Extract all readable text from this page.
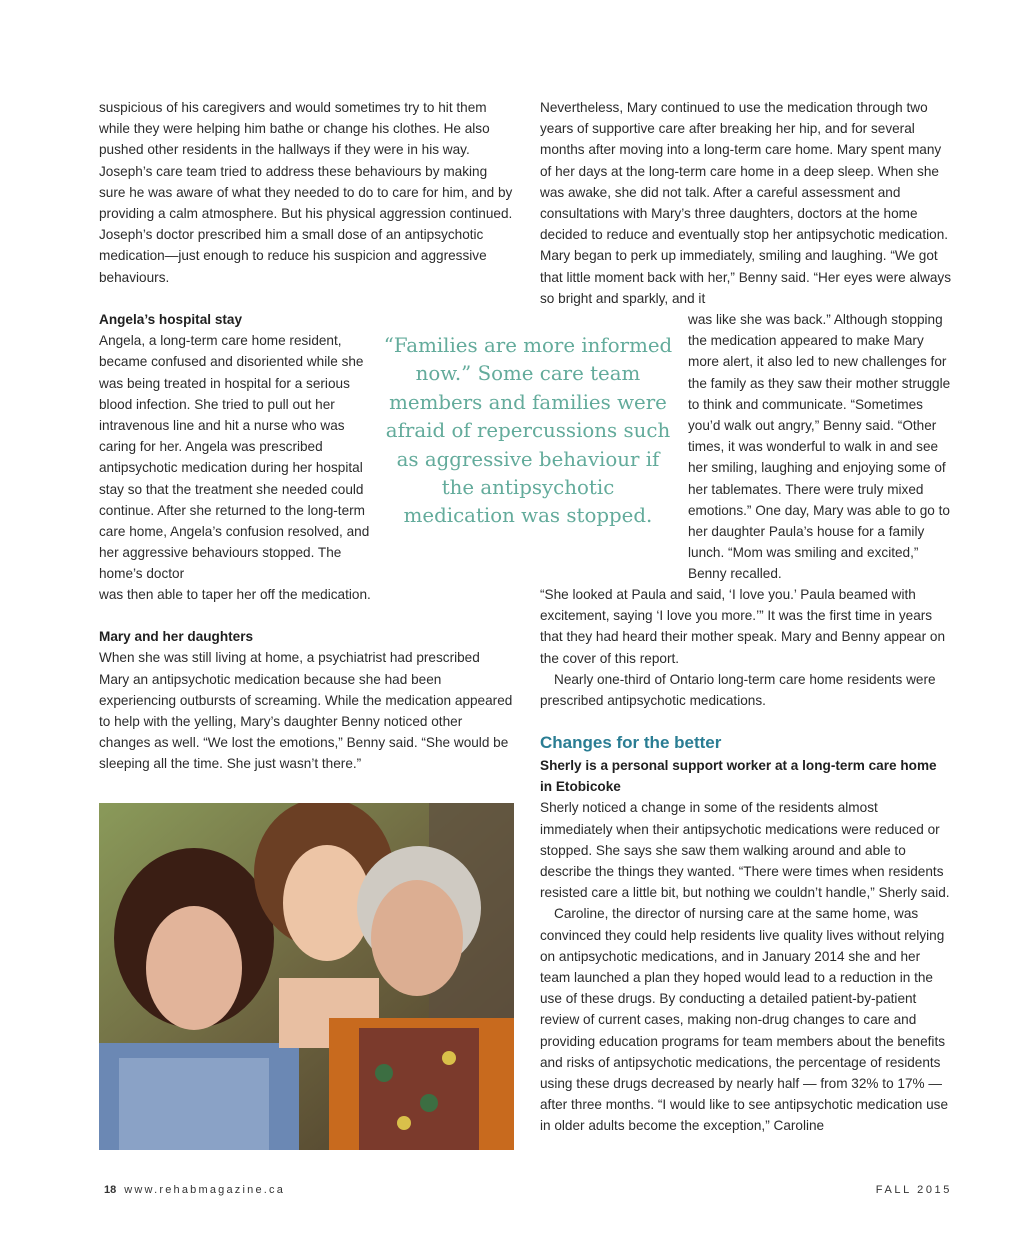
suspicious of his caregivers and would sometimes try to hit them while they were helping him bathe or change his clothes. He also pushed other residents in the hallways if they were in his way. Joseph’s care team tried to address these behaviours by making sure he was aware of what they needed to do to care for him, and by providing a calm atmosphere. But his physical aggression continued. Joseph’s doctor prescribed him a small dose of an antipsychotic medication—just enough to reduce his suspicion and aggressive behaviours.

Angela’s hospital stay

Angela, a long-term care home resident, became confused and disoriented while she was being treated in hospital for a serious blood infection. She tried to pull out her intravenous line and hit a nurse who was caring for her. Angela was prescribed antipsychotic medication during her hospital stay so that the treatment she needed could continue. After she returned to the long-term care home, Angela’s confusion resolved, and her aggressive behaviours stopped. The home’s doctor

was then able to taper her off the medication.

Mary and her daughters

When she was still living at home, a psychiatrist had prescribed Mary an antipsychotic medication because she had been experiencing outbursts of screaming. While the medication appeared to help with the yelling, Mary’s daughter Benny noticed other changes as well. “We lost the emotions,” Benny said. “She would be sleeping all the time. She just wasn’t there.”

“Families are more informed now.” Some care team members and families were afraid of repercussions such as aggressive behaviour if the antipsychotic medication was stopped.

Nevertheless, Mary continued to use the medication through two years of supportive care after breaking her hip, and for several months after moving into a long-term care home. Mary spent many of her days at the long-term care home in a deep sleep. When she was awake, she did not talk. After a careful assessment and consultations with Mary’s three daughters, doctors at the home decided to reduce and eventually stop her antipsychotic medication. Mary began to perk up immediately, smiling and laughing. “We got that little moment back with her,” Benny said. “Her eyes were always so bright and sparkly, and it

was like she was back.” Although stopping the medication appeared to make Mary more alert, it also led to new challenges for the family as they saw their mother struggle to think and communicate. “Sometimes you’d walk out angry,” Benny said. “Other times, it was wonderful to walk in and see her smiling, laughing and enjoying some of her tablemates. There were truly mixed emotions.” One day, Mary was able to go to her daughter Paula’s house for a family lunch. “Mom was smiling and excited,” Benny recalled.

“She looked at Paula and said, ‘I love you.’ Paula beamed with excitement, saying ‘I love you more.’” It was the first time in years that they had heard their mother speak. Mary and Benny appear on the cover of this report.

Nearly one-third of Ontario long-term care home residents were prescribed antipsychotic medications.

Changes for the better

Sherly is a personal support worker at a long-term care home in Etobicoke

Sherly noticed a change in some of the residents almost immediately when their antipsychotic medications were reduced or stopped. She says she saw them walking around and able to describe the things they wanted. “There were times when residents resisted care a little bit, but nothing we couldn’t handle,” Sherly said.

Caroline, the director of nursing care at the same home, was convinced they could help residents live quality lives without relying on antipsychotic medications, and in January 2014 she and her team launched a plan they hoped would lead to a reduction in the use of these drugs. By conducting a detailed patient-by-patient review of current cases, making non-drug changes to care and providing education programs for team members about the benefits and risks of antipsychotic medications, the percentage of residents using these drugs decreased by nearly half — from 32% to 17% — after three months. “I would like to see antipsychotic medication use in older adults become the exception,” Caroline

18 www.rehabmagazine.ca	FALL 2015
